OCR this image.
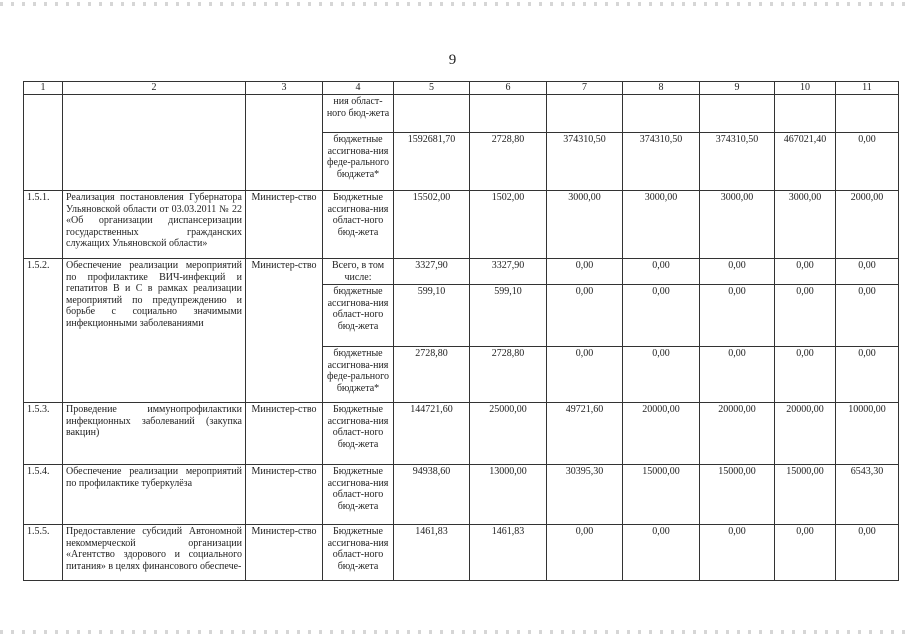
9
1	2	3	4	5	6	7	8	9	10	11
			ния област-ного бюд-жета							
			бюджетные ассигнова-ния феде-рального бюджета*	1592681,70	2728,80	374310,50	374310,50	374310,50	467021,40	0,00
1.5.1.	Реализация постановления Губернатора Ульяновской области от 03.03.2011 № 22 «Об организации диспансеризации государственных гражданских служащих Ульяновской области»	Министер-ство	Бюджетные ассигнова-ния област-ного бюд-жета	15502,00	1502,00	3000,00	3000,00	3000,00	3000,00	2000,00
1.5.2.	Обеспечение реализации мероприятий по профилактике ВИЧ-инфекций и гепатитов В и С в рамках реализации мероприятий по предупреждению и борьбе с социально значимыми инфекционными заболеваниями	Министер-ство	Всего, в том числе:	3327,90	3327,90	0,00	0,00	0,00	0,00	0,00
			бюджетные ассигнова-ния област-ного бюд-жета	599,10	599,10	0,00	0,00	0,00	0,00	0,00
			бюджетные ассигнова-ния феде-рального бюджета*	2728,80	2728,80	0,00	0,00	0,00	0,00	0,00
1.5.3.	Проведение иммунопрофилактики инфекционных заболеваний (закупка вакцин)	Министер-ство	Бюджетные ассигнова-ния област-ного бюд-жета	144721,60	25000,00	49721,60	20000,00	20000,00	20000,00	10000,00
1.5.4.	Обеспечение реализации мероприятий по профилактике туберкулёза	Министер-ство	Бюджетные ассигнова-ния област-ного бюд-жета	94938,60	13000,00	30395,30	15000,00	15000,00	15000,00	6543,30
1.5.5.	Предоставление субсидий Автономной некоммерческой организации «Агентство здорового и социального питания» в целях финансового обеспече-	Министер-ство	Бюджетные ассигнова-ния област-ного бюд-жета	1461,83	1461,83	0,00	0,00	0,00	0,00	0,00
